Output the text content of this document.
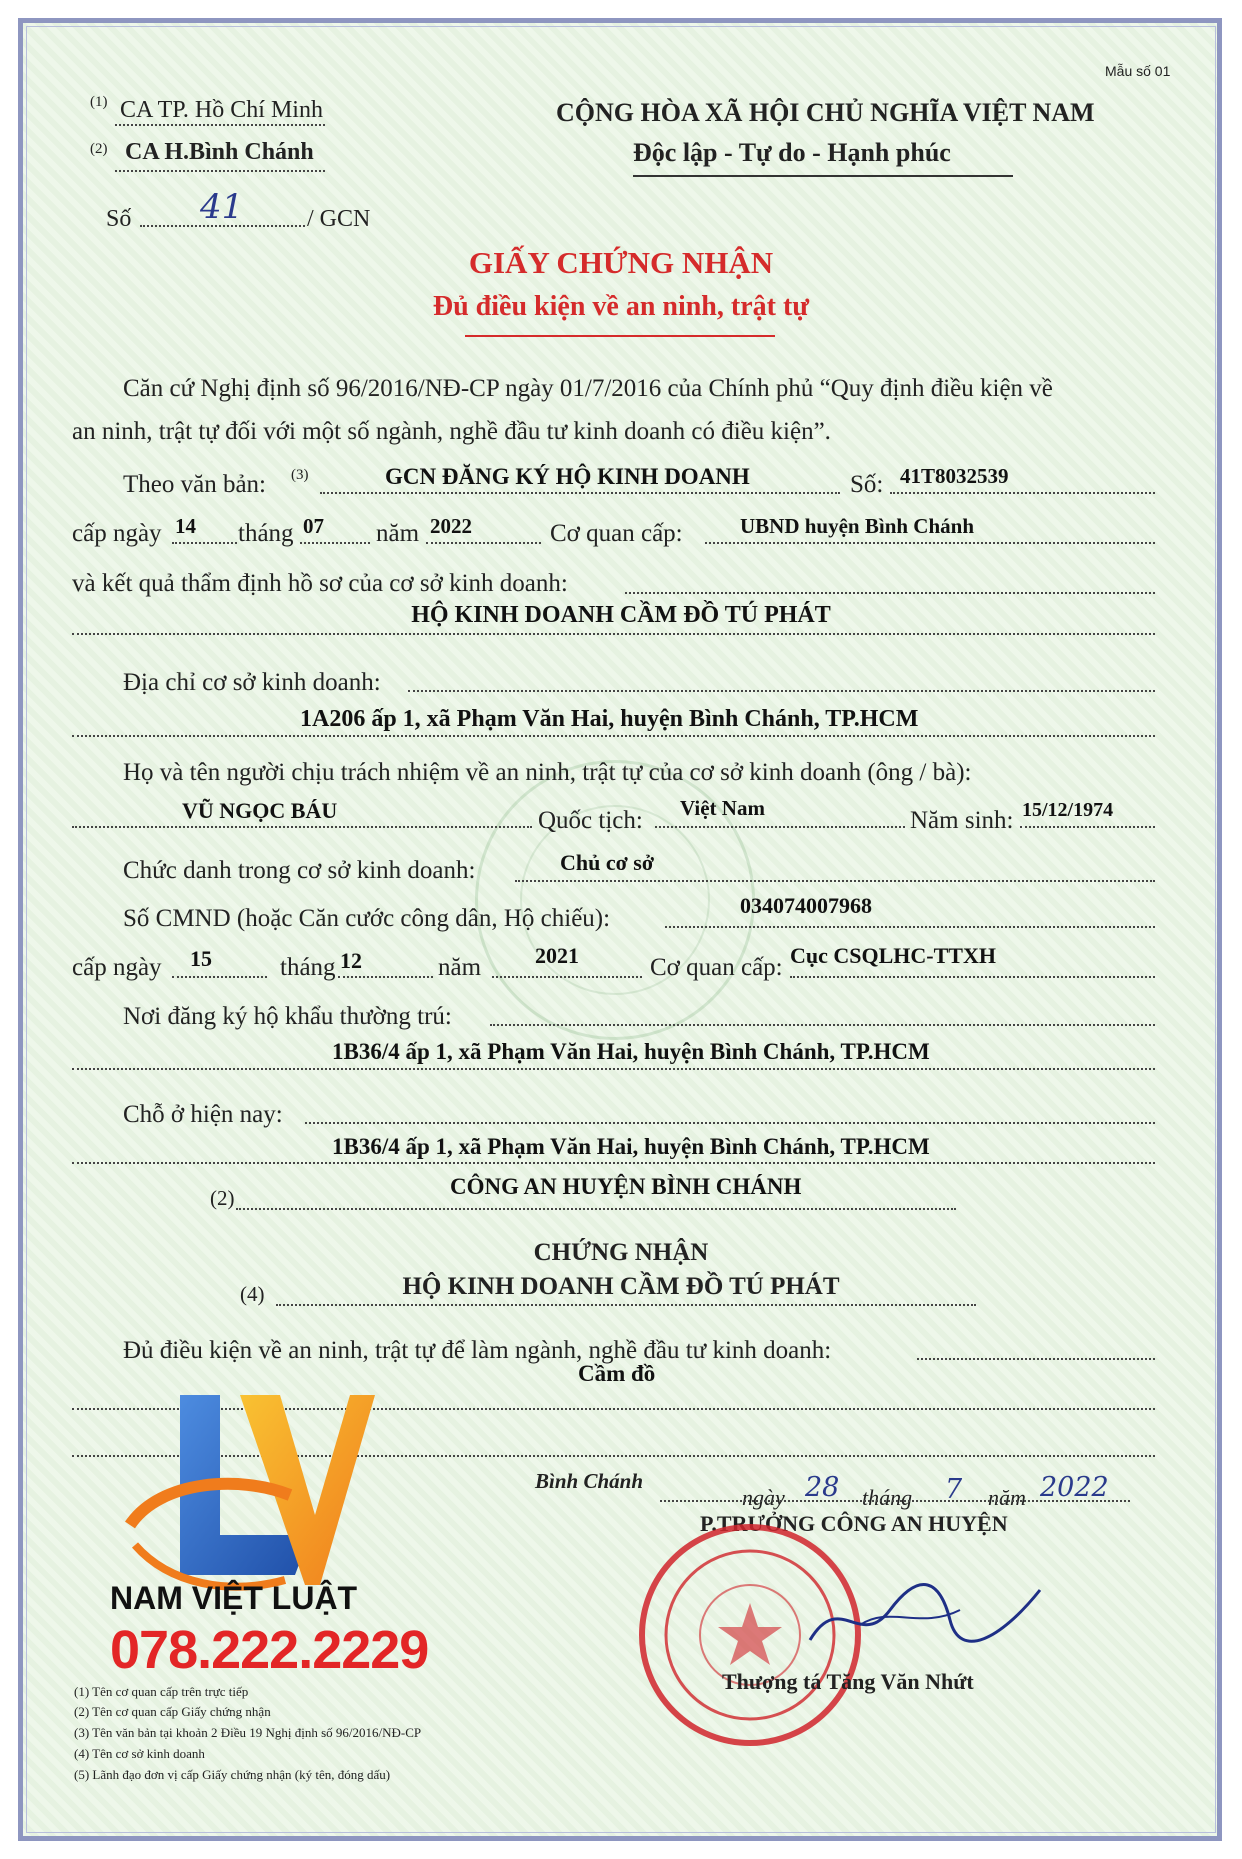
Mẫu số 01
(1) CA TP. Hồ Chí Minh
(2) CA H.Bình Chánh
Số 41	/ GCN
CỘNG HÒA XÃ HỘI CHỦ NGHĨA VIỆT NAM
Độc lập - Tự do - Hạnh phúc
GIẤY CHỨNG NHẬN
Đủ điều kiện về an ninh, trật tự
Căn cứ Nghị định số 96/2016/NĐ-CP ngày 01/7/2016 của Chính phủ “Quy định điều kiện về
an ninh, trật tự đối với một số ngành, nghề đầu tư kinh doanh có điều kiện”.
Theo văn bản: (3)	GCN ĐĂNG KÝ HỘ KINH DOANH	Số: 41T8032539
cấp ngày 14 tháng 07 năm 2022	Cơ quan cấp:	UBND huyện Bình Chánh
và kết quả thẩm định hồ sơ của cơ sở kinh doanh:
HỘ KINH DOANH CẦM ĐỒ TÚ PHÁT
Địa chỉ cơ sở kinh doanh:
1A206 ấp 1, xã Phạm Văn Hai, huyện Bình Chánh, TP.HCM
Họ và tên người chịu trách nhiệm về an ninh, trật tự của cơ sở kinh doanh (ông / bà):
VŨ NGỌC BÁU	Quốc tịch: Việt Nam	Năm sinh: 15/12/1974
Chức danh trong cơ sở kinh doanh:	Chủ cơ sở
Số CMND (hoặc Căn cước công dân, Hộ chiếu):	034074007968
cấp ngày 15	tháng 12	năm 2021	Cơ quan cấp: Cục CSQLHC-TTXH
Nơi đăng ký hộ khẩu thường trú:
1B36/4 ấp 1, xã Phạm Văn Hai, huyện Bình Chánh, TP.HCM
Chỗ ở hiện nay:
1B36/4 ấp 1, xã Phạm Văn Hai, huyện Bình Chánh, TP.HCM
(2)	CÔNG AN HUYỆN BÌNH CHÁNH
CHỨNG NHẬN
(4)	HỘ KINH DOANH CẦM ĐỒ TÚ PHÁT
Đủ điều kiện về an ninh, trật tự để làm ngành, nghề đầu tư kinh doanh:
Cầm đồ
Bình Chánh
ngày 28 tháng 7 năm 2022
P.TRƯỞNG CÔNG AN HUYỆN
Thượng tá Tăng Văn Nhứt
(1) Tên cơ quan cấp trên trực tiếp
(2) Tên cơ quan cấp Giấy chứng nhận
(3) Tên văn bản tại khoản 2 Điều 19 Nghị định số 96/2016/NĐ-CP
(4) Tên cơ sở kinh doanh
(5) Lãnh đạo đơn vị cấp Giấy chứng nhận (ký tên, đóng dấu)
NAM VIỆT LUẬT
078.222.2229
